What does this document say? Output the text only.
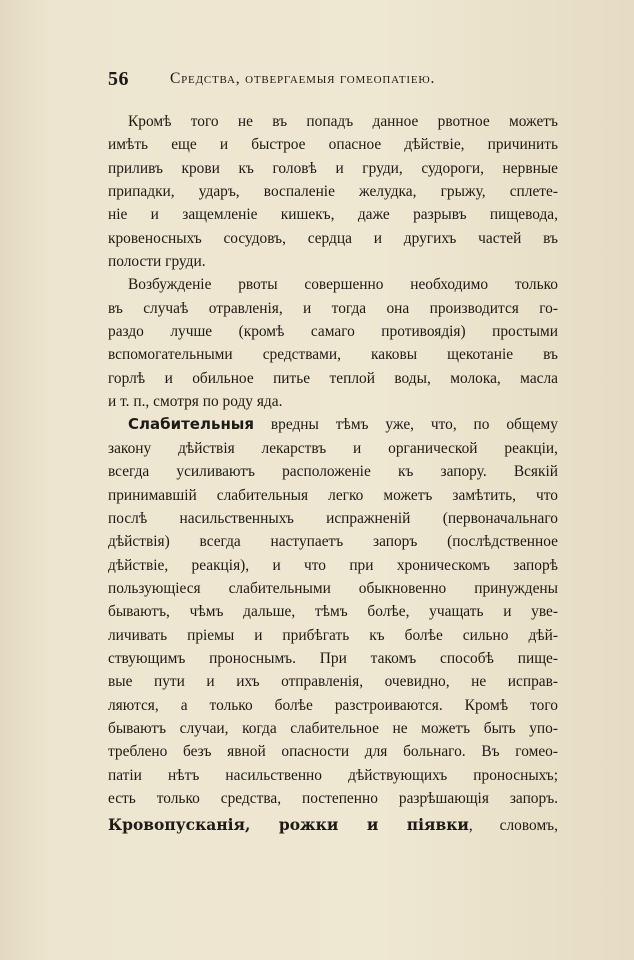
56	Средства, отвергаемыя гомеопатiею.
Кромѣ того не въ попадъ данное рвотное можетъ
имѣть еще и быстрое опасное дѣйствiе, причинить
приливъ крови къ головѣ и груди, судороги, нервные
припадки, ударъ, воспаленiе желудка, грыжу, сплете-
нiе и защемленiе кишекъ, даже разрывъ пищевода,
кровеносныхъ сосудовъ, сердца и другихъ частей въ
полости груди.
Возбужденiе рвоты совершенно необходимо только
въ случаѣ отравленiя, и тогда она производится го-
раздо лучше (кромѣ самаго противоядiя) простыми
вспомогательными средствами, каковы щекотанiе въ
горлѣ и обильное питье теплой воды, молока, масла
и т. п., смотря по роду яда.
Слабительныя вредны тѣмъ уже, что, по общему
закону дѣйствiя лекарствъ и органической реакцiи,
всегда усиливаютъ расположенiе къ запору. Всякiй
принимавшiй слабительныя легко можетъ замѣтить, что
послѣ насильственныхъ испражненiй (первоначальнаго
дѣйствiя) всегда наступаетъ запоръ (послѣдственное
дѣйствiе, реакцiя), и что при хроническомъ запорѣ
пользующiеся слабительными обыкновенно принуждены
бываютъ, чѣмъ дальше, тѣмъ болѣе, учащать и уве-
личивать прiемы и прибѣгать къ болѣе сильно дѣй-
ствующимъ проноснымъ. При такомъ способѣ пище-
вые пути и ихъ отправленiя, очевидно, не исправ-
ляются, а только болѣе разстроиваются. Кромѣ того
бываютъ случаи, когда слабительное не можетъ быть упо-
треблено безъ явной опасности для больнаго. Въ гомео-
патiи нѣтъ насильственно дѣйствующихъ проносныхъ;
есть только средства, постепенно разрѣшающiя запоръ.
Кровопусканiя, рожки и пiявки, словомъ,
